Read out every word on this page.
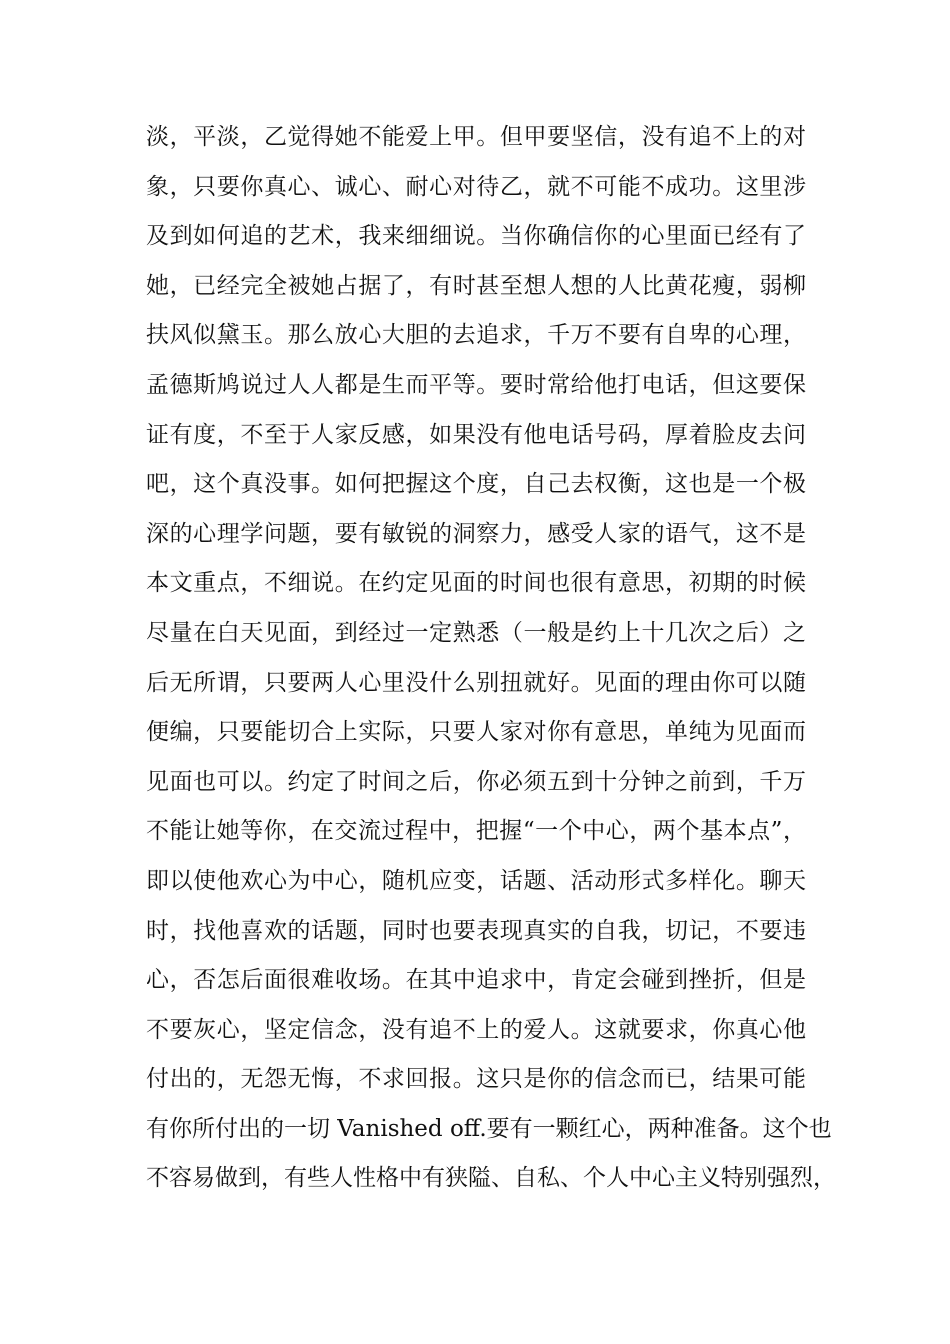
淡，平淡，乙觉得她不能爱上甲。但甲要坚信，没有追不上的对
象，只要你真心、诚心、耐心对待乙，就不可能不成功。这里涉
及到如何追的艺术，我来细细说。当你确信你的心里面已经有了
她，已经完全被她占据了，有时甚至想人想的人比黄花瘦，弱柳
扶风似黛玉。那么放心大胆的去追求，千万不要有自卑的心理，
孟德斯鸠说过人人都是生而平等。要时常给他打电话，但这要保
证有度，不至于人家反感，如果没有他电话号码，厚着脸皮去问
吧，这个真没事。如何把握这个度，自己去权衡，这也是一个极
深的心理学问题，要有敏锐的洞察力，感受人家的语气，这不是
本文重点，不细说。在约定见面的时间也很有意思，初期的时候
尽量在白天见面，到经过一定熟悉（一般是约上十几次之后）之
后无所谓，只要两人心里没什么别扭就好。见面的理由你可以随
便编，只要能切合上实际，只要人家对你有意思，单纯为见面而
见面也可以。约定了时间之后，你必须五到十分钟之前到，千万
不能让她等你，在交流过程中，把握“一个中心，两个基本点”，
即以使他欢心为中心，随机应变，话题、活动形式多样化。聊天
时，找他喜欢的话题，同时也要表现真实的自我，切记，不要违
心，否怎后面很难收场。在其中追求中，肯定会碰到挫折，但是
不要灰心，坚定信念，没有追不上的爱人。这就要求，你真心他
付出的，无怨无悔，不求回报。这只是你的信念而已，结果可能
有你所付出的一切 Vanished off.要有一颗红心，两种准备。这个也
不容易做到，有些人性格中有狭隘、自私、个人中心主义特别强烈，
